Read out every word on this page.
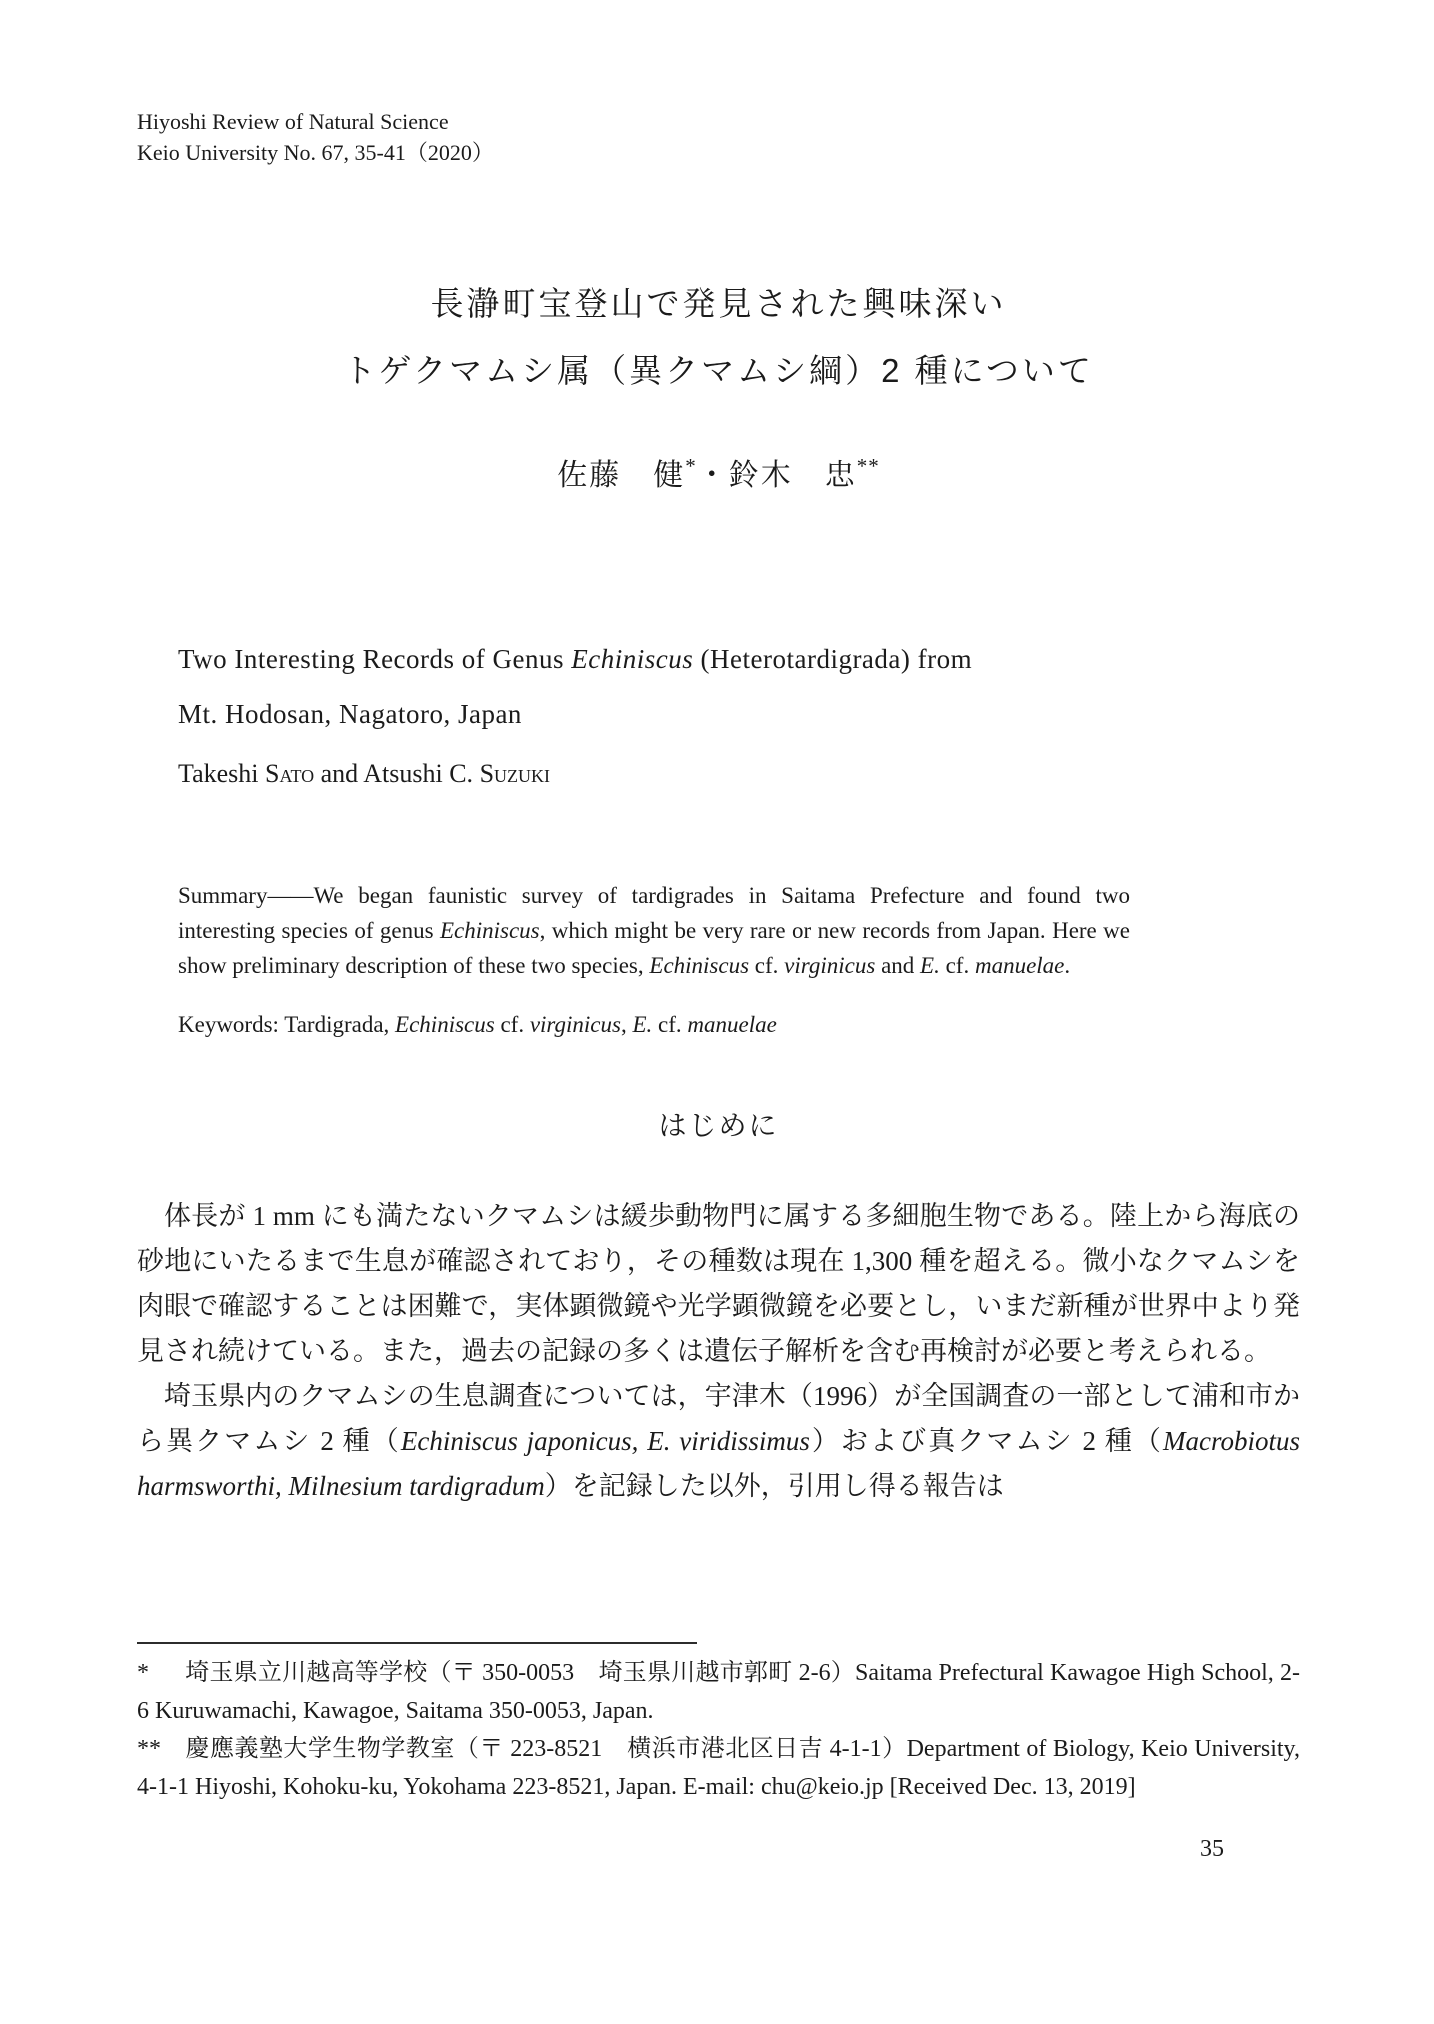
Hiyoshi Review of Natural Science
Keio University No. 67, 35-41（2020）
長瀞町宝登山で発見された興味深い
トゲクマムシ属（異クマムシ綱）2 種について
佐藤　健*・鈴木　忠**
Two Interesting Records of Genus Echiniscus (Heterotardigrada) from
Mt. Hodosan, Nagatoro, Japan
Takeshi Sato and Atsushi C. Suzuki

Summary——We began faunistic survey of tardigrades in Saitama Prefecture and found two interesting species of genus Echiniscus, which might be very rare or new records from Japan. Here we show preliminary description of these two species, Echiniscus cf. virginicus and E. cf. manuelae.

Keywords: Tardigrada, Echiniscus cf. virginicus, E. cf. manuelae

はじめに

体長が 1 mm にも満たないクマムシは緩歩動物門に属する多細胞生物である。陸上から海底の砂地にいたるまで生息が確認されており，その種数は現在 1,300 種を超える。微小なクマムシを肉眼で確認することは困難で，実体顕微鏡や光学顕微鏡を必要とし，いまだ新種が世界中より発見され続けている。また，過去の記録の多くは遺伝子解析を含む再検討が必要と考えられる。

埼玉県内のクマムシの生息調査については，宇津木（1996）が全国調査の一部として浦和市から異クマムシ 2 種（Echiniscus japonicus, E. viridissimus）および真クマムシ 2 種（Macrobiotus harmsworthi, Milnesium tardigradum）を記録した以外，引用し得る報告は

* 埼玉県立川越高等学校（〒 350-0053　埼玉県川越市郭町 2-6）Saitama Prefectural Kawagoe High School, 2-6 Kuruwamachi, Kawagoe, Saitama 350-0053, Japan.

** 慶應義塾大学生物学教室（〒 223-8521　横浜市港北区日吉 4-1-1）Department of Biology, Keio University, 4-1-1 Hiyoshi, Kohoku-ku, Yokohama 223-8521, Japan. E-mail: chu@keio.jp [Received Dec. 13, 2019]

35
